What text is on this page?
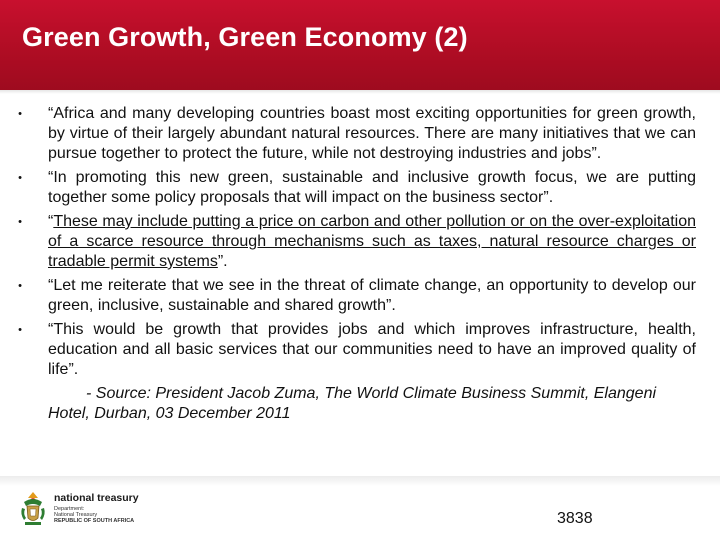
Green Growth, Green Economy (2)
• “Africa and many developing countries boast most exciting opportunities for green growth, by virtue of their largely abundant natural resources. There are many initiatives that we can pursue together to protect the future, while not destroying industries and jobs”.
• “In promoting this new green, sustainable and inclusive growth focus, we are putting together some policy proposals that will impact on the business sector”.
• “These may include putting a price on carbon and other pollution or on the over-exploitation of a scarce resource through mechanisms such as taxes, natural resource charges or tradable permit systems”.
• “Let me reiterate that we see in the threat of climate change, an opportunity to develop our green, inclusive, sustainable and shared growth”.
• “This would be growth that provides jobs and which improves infrastructure, health, education and all basic services that our communities need to have an improved quality of life”.
- Source: President Jacob Zuma, The World Climate Business Summit, Elangeni Hotel, Durban, 03 December 2011
national treasury
Department:
National Treasury
REPUBLIC OF SOUTH AFRICA	3838
